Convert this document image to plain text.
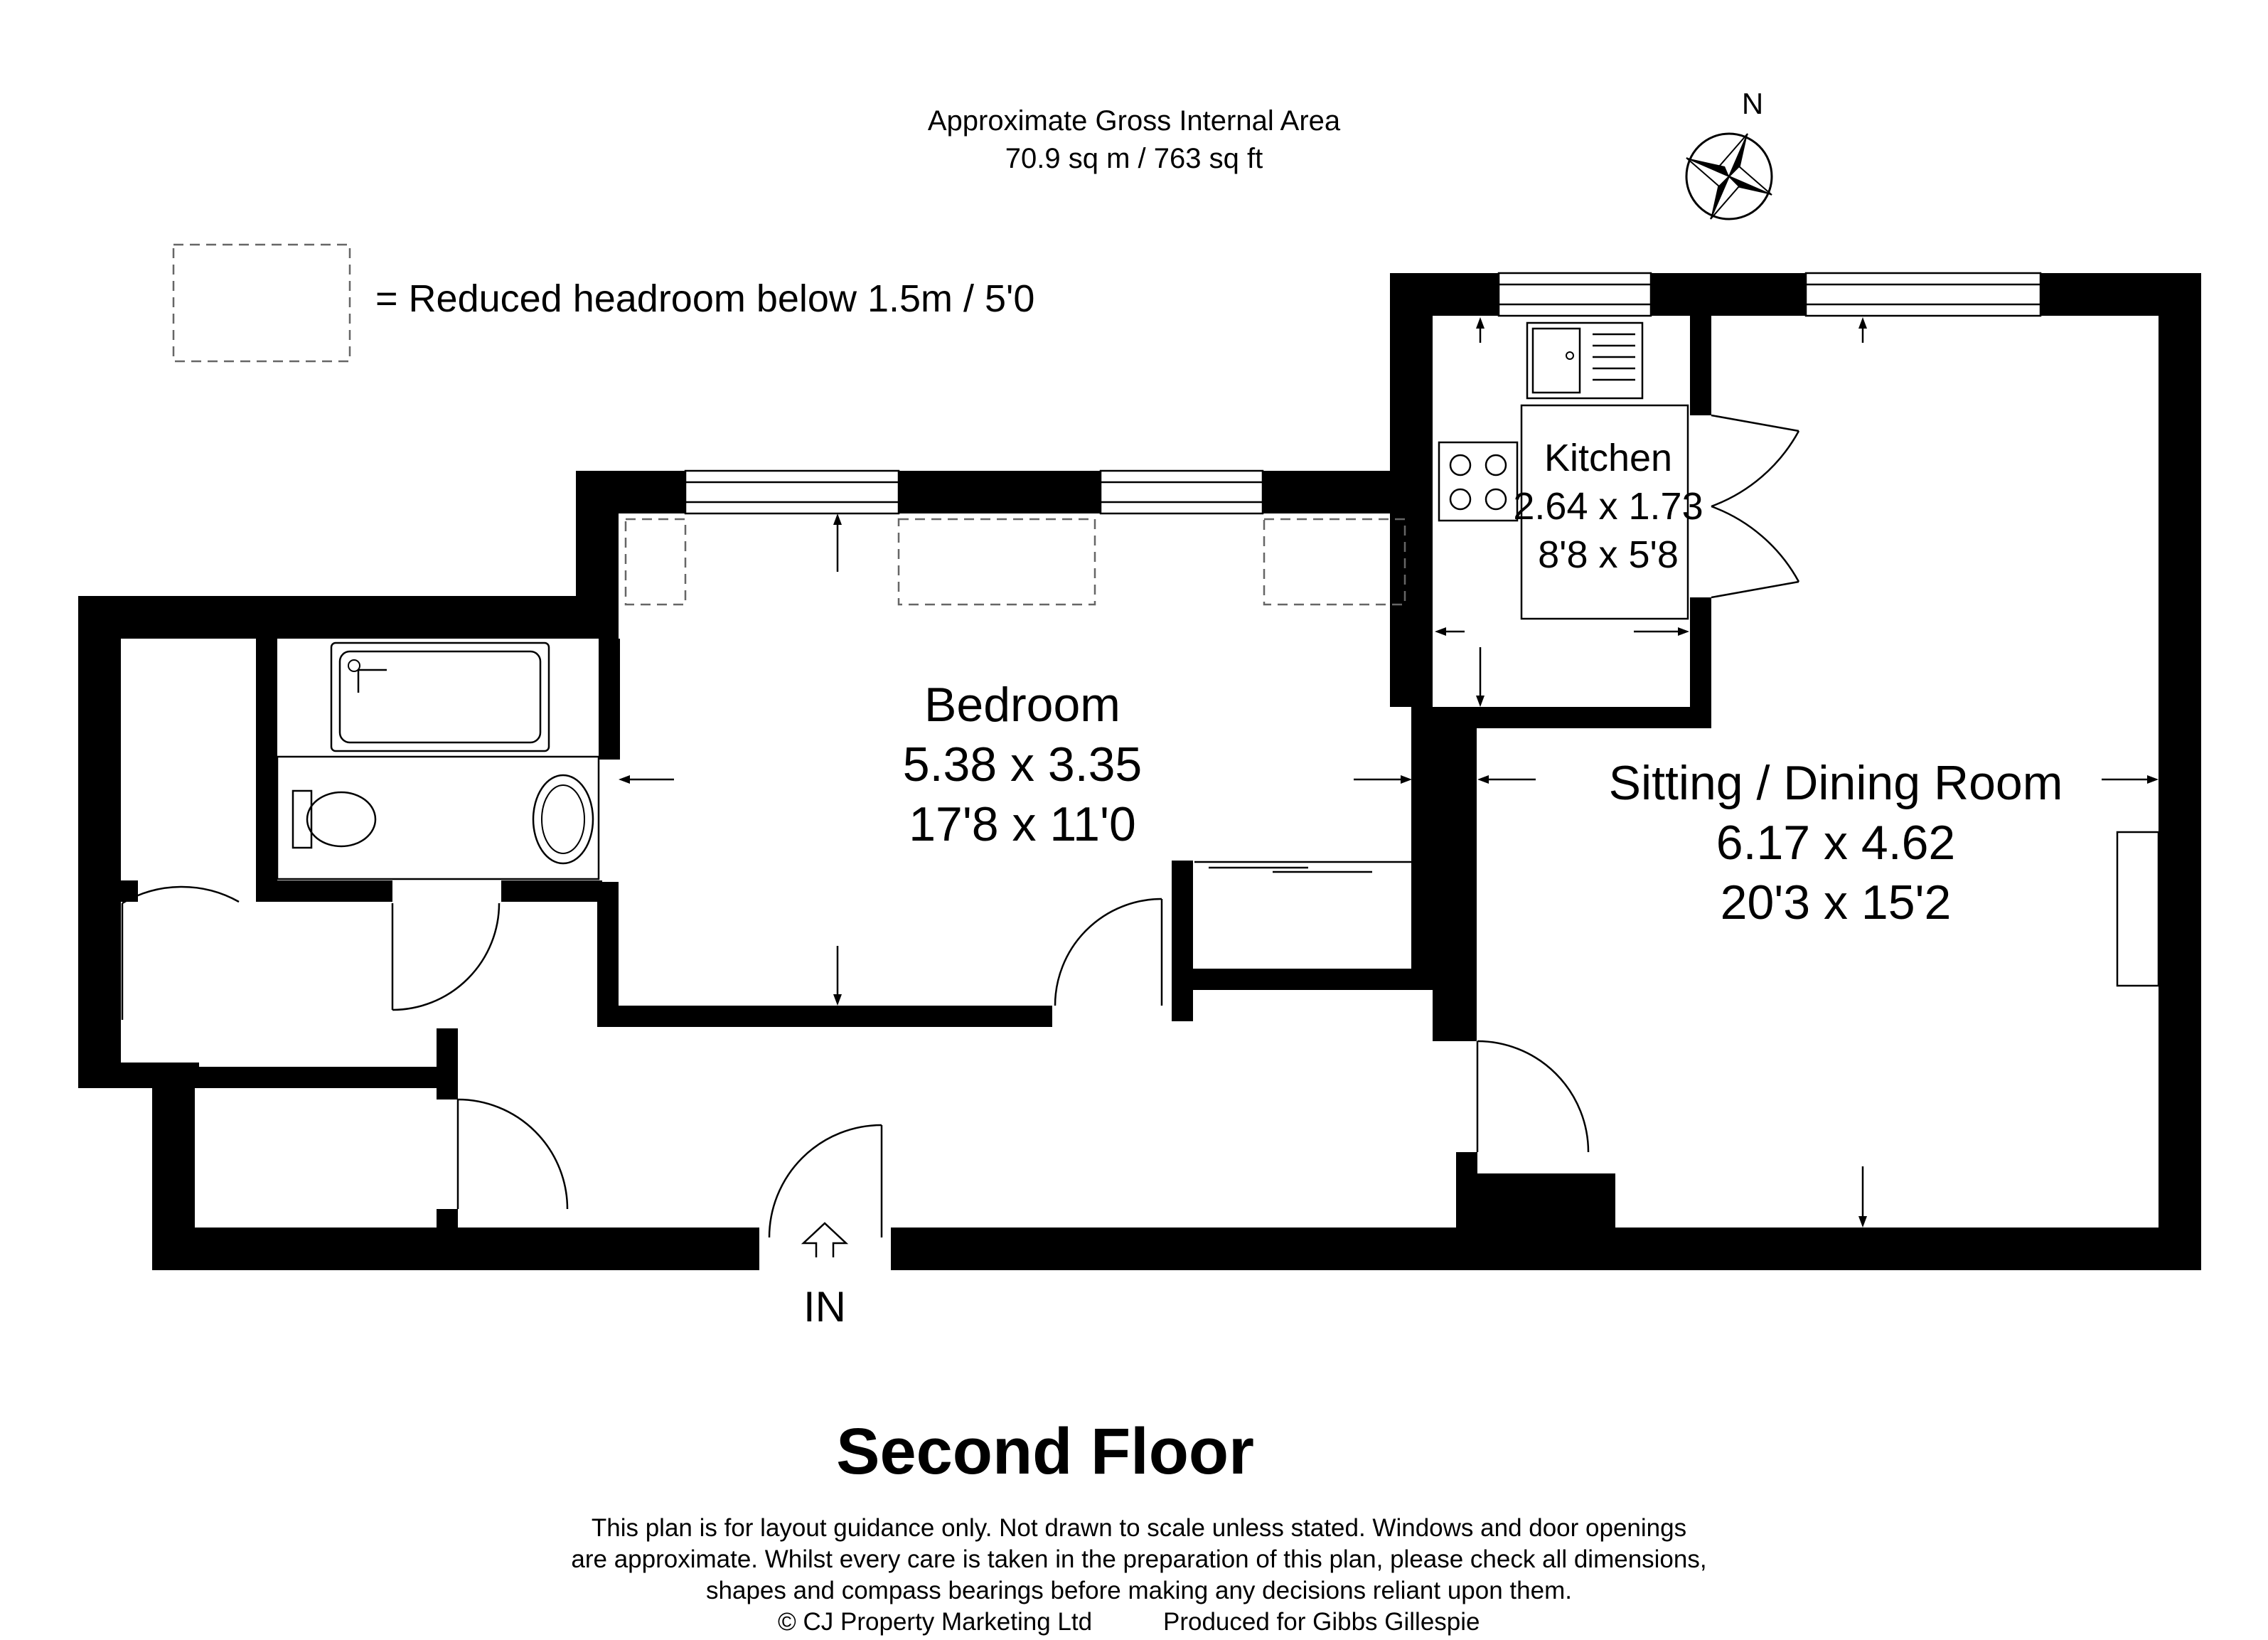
Approximate Gross Internal Area
70.9 sq m / 763 sq ft
N
= Reduced headroom below 1.5m / 5'0
Kitchen
2.64 x 1.73
8'8 x 5'8
Bedroom
5.38 x 3.35
17'8 x 11'0
Sitting / Dining Room
6.17 x 4.62
20'3 x 15'2
IN
Second Floor
This plan is for layout guidance only. Not drawn to scale unless stated. Windows and door openings
are approximate. Whilst every care is taken in the preparation of this plan, please check all dimensions,
shapes and compass bearings before making any decisions reliant upon them.
© CJ Property Marketing Ltd	Produced for Gibbs Gillespie
